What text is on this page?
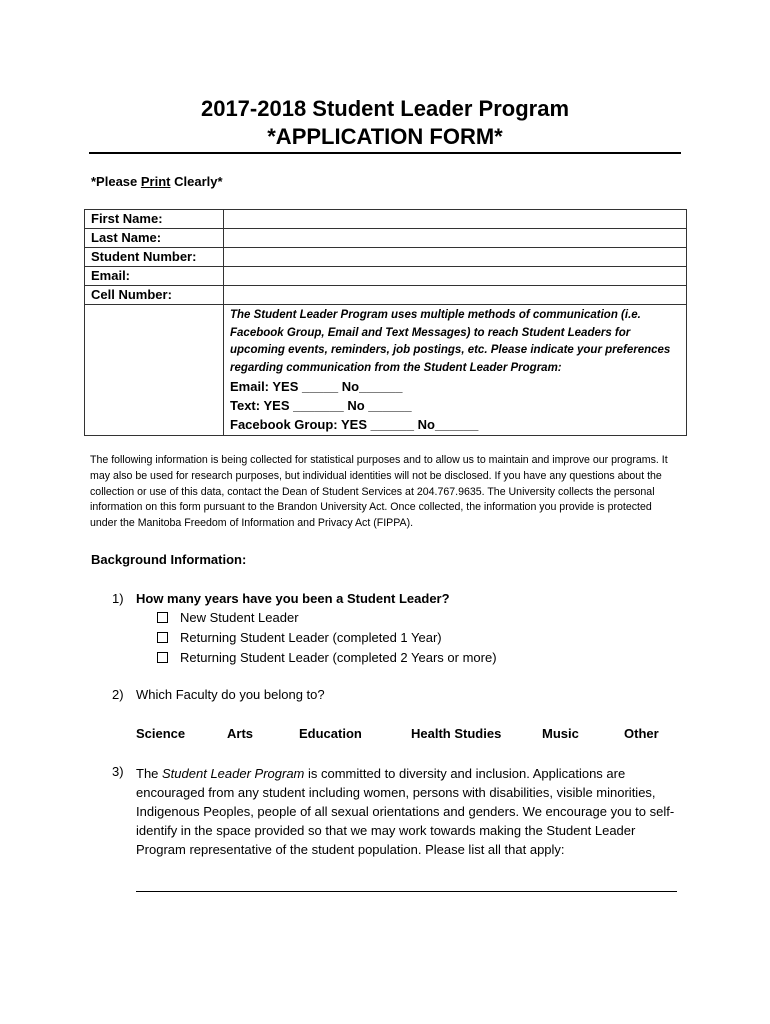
2017-2018 Student Leader Program
*APPLICATION FORM*
*Please Print Clearly*
First Name:	
Last Name:	
Student Number:	
Email:	
Cell Number:	

	The Student Leader Program uses multiple methods of communication (i.e. Facebook Group, Email and Text Messages) to reach Student Leaders for upcoming events, reminders, job postings, etc. Please indicate your preferences regarding communication from the Student Leader Program:
Email: YES _____ No______
Text: YES _______ No ______
Facebook Group: YES ______ No______
The following information is being collected for statistical purposes and to allow us to maintain and improve our programs. It may also be used for research purposes, but individual identities will not be disclosed. If you have any questions about the collection or use of this data, contact the Dean of Student Services at 204.767.9635. The University collects the personal information on this form pursuant to the Brandon University Act. Once collected, the information you provide is protected under the Manitoba Freedom of Information and Privacy Act (FIPPA).
Background Information:
1) How many years have you been a Student Leader?
New Student Leader
Returning Student Leader (completed 1 Year)
Returning Student Leader (completed 2 Years or more)
2) Which Faculty do you belong to?
Science	Arts	Education	Health Studies	Music	Other
3) The Student Leader Program is committed to diversity and inclusion. Applications are encouraged from any student including women, persons with disabilities, visible minorities, Indigenous Peoples, people of all sexual orientations and genders. We encourage you to self-identify in the space provided so that we may work towards making the Student Leader Program representative of the student population. Please list all that apply:
